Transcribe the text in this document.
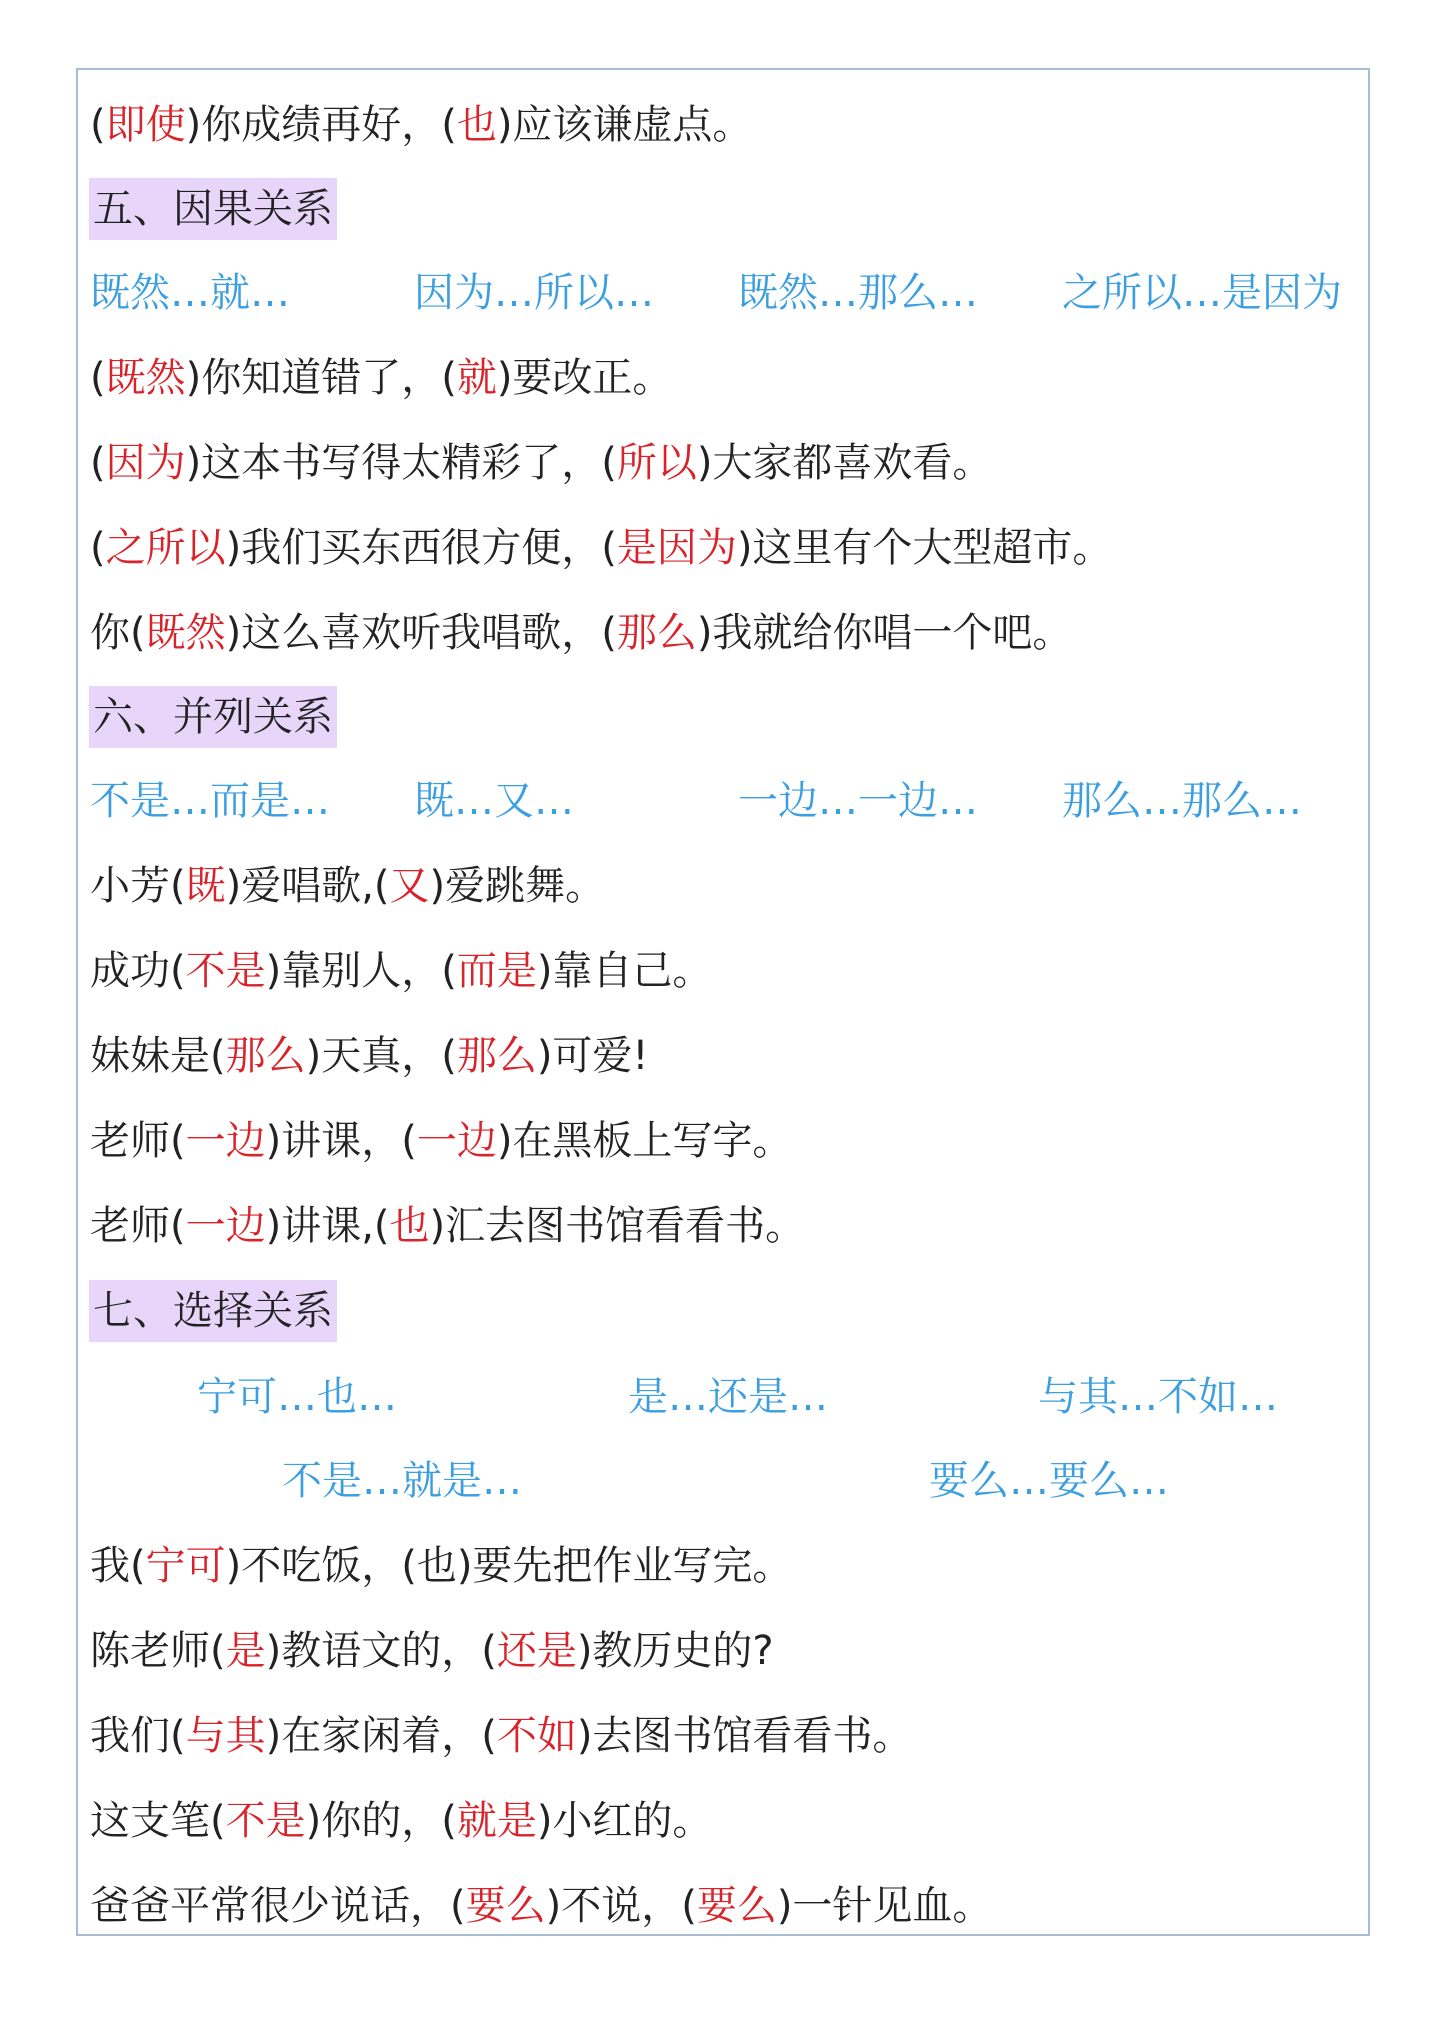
(即使)你成绩再好，(也)应该谦虚点。

五、因果关系
既然…就…	因为…所以… 既然…那么… 之所以…是因为

(既然)你知道错了，(就)要改正。

(因为)这本书写得太精彩了，(所以)大家都喜欢看。

(之所以)我们买东西很方便，(是因为)这里有个大型超市。

你(既然)这么喜欢听我唱歌，(那么)我就给你唱一个吧。

六、并列关系
不是…而是… 既…又…	一边…一边… 那么…那么…

小芳(既)爱唱歌,(又)爱跳舞。

成功(不是)靠别人，(而是)靠自己。

妹妹是(那么)天真，(那么)可爱!

老师(一边)讲课，(一边)在黑板上写字。

老师(一边)讲课,(也)汇去图书馆看看书。

七、选择关系
宁可…也…	是…还是…	与其…不如…
不是…就是…	要么…要么…

我(宁可)不吃饭，(也)要先把作业写完。

陈老师(是)教语文的，(还是)教历史的?

我们(与其)在家闲着，(不如)去图书馆看看书。

这支笔(不是)你的，(就是)小红的。

爸爸平常很少说话，(要么)不说，(要么)一针见血。
